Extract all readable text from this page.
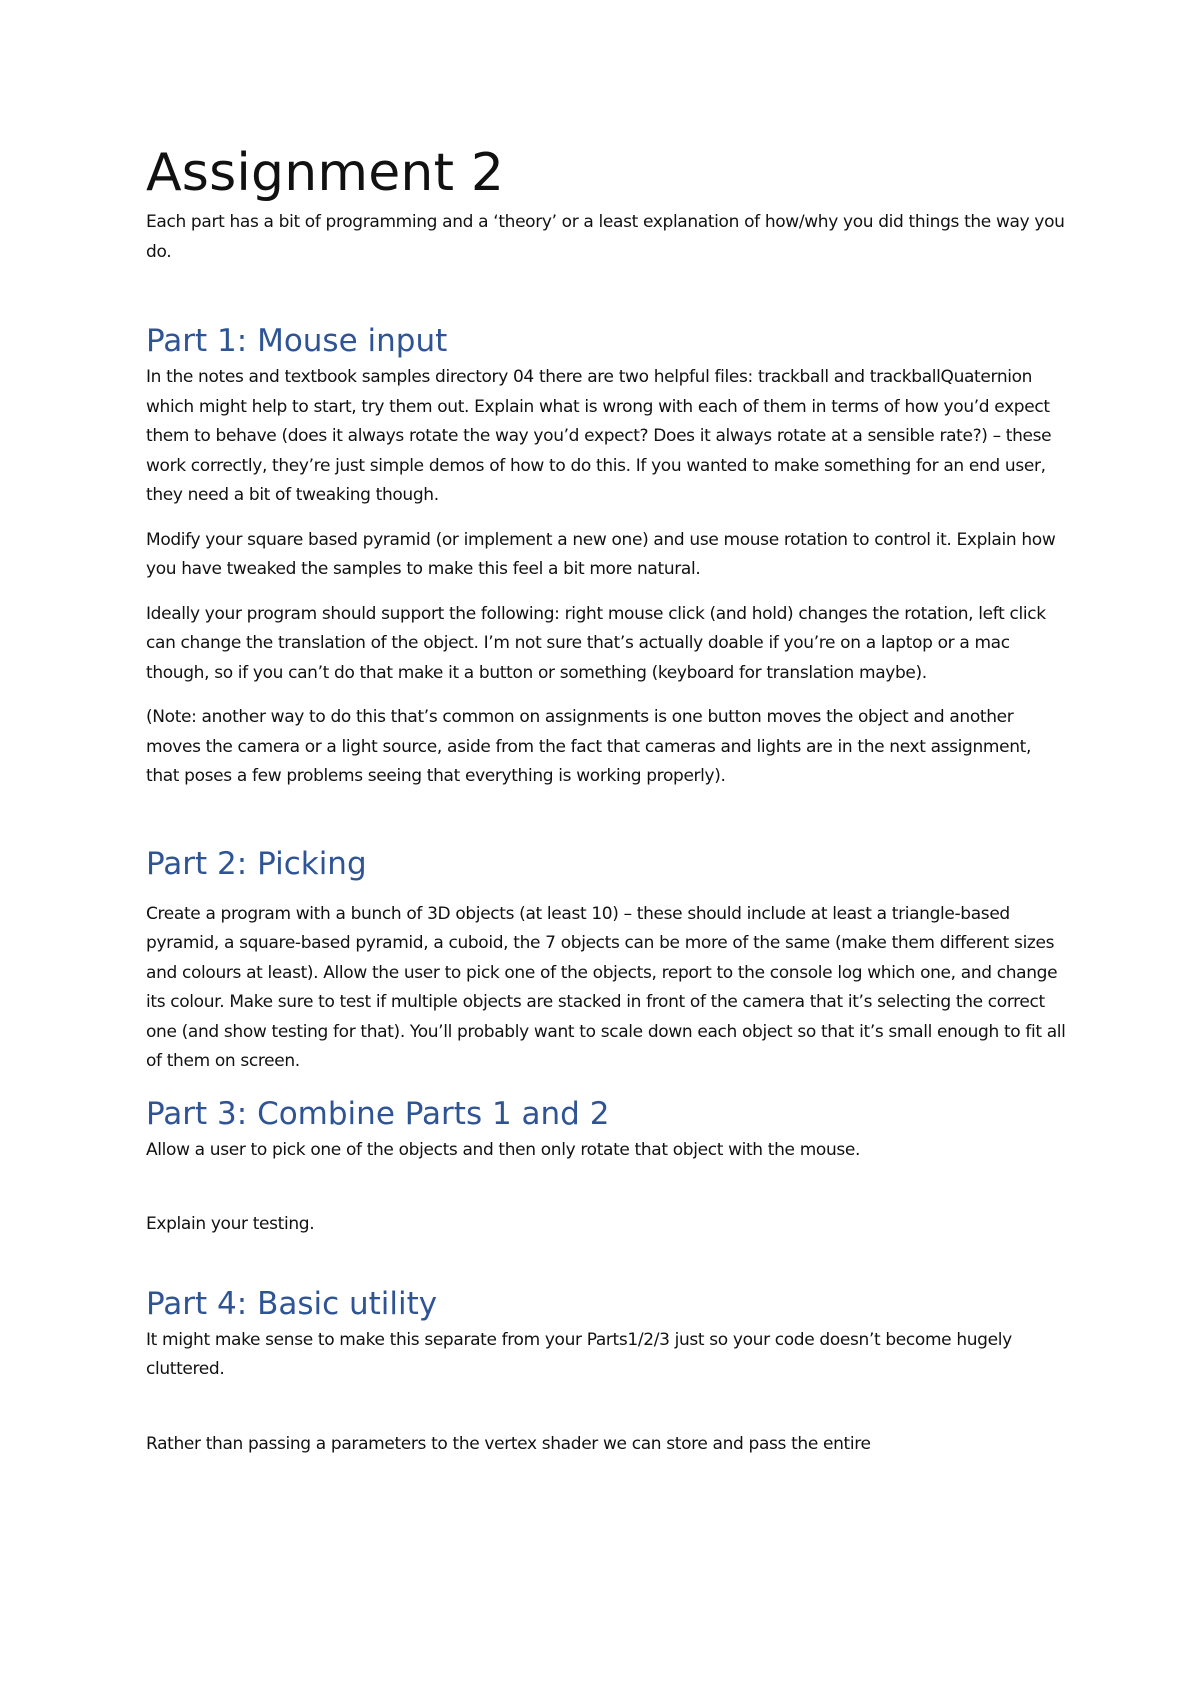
Assignment 2

Each part has a bit of programming and a ‘theory’ or a least explanation of how/why you did things the way you do.

Part 1: Mouse input

In the notes and textbook samples directory 04 there are two helpful files: trackball and trackballQuaternion which might help to start, try them out. Explain what is wrong with each of them in terms of how you’d expect them to behave (does it always rotate the way you’d expect? Does it always rotate at a sensible rate?) – these work correctly, they’re just simple demos of how to do this. If you wanted to make something for an end user, they need a bit of tweaking though.

Modify your square based pyramid (or implement a new one) and use mouse rotation to control it. Explain how you have tweaked the samples to make this feel a bit more natural.

Ideally your program should support the following: right mouse click (and hold) changes the rotation, left click can change the translation of the object. I’m not sure that’s actually doable if you’re on a laptop or a mac though, so if you can’t do that make it a button or something (keyboard for translation maybe).

(Note: another way to do this that’s common on assignments is one button moves the object and another moves the camera or a light source, aside from the fact that cameras and lights are in the next assignment, that poses a few problems seeing that everything is working properly).

Part 2: Picking

Create a program with a bunch of 3D objects (at least 10) – these should include at least a triangle-based pyramid, a square-based pyramid, a cuboid, the 7 objects can be more of the same (make them different sizes and colours at least). Allow the user to pick one of the objects, report to the console log which one, and change its colour. Make sure to test if multiple objects are stacked in front of the camera that it’s selecting the correct one (and show testing for that). You’ll probably want to scale down each object so that it’s small enough to fit all of them on screen.

Part 3: Combine Parts 1 and 2

Allow a user to pick one of the objects and then only rotate that object with the mouse.

Explain your testing.

Part 4: Basic utility

It might make sense to make this separate from your Parts1/2/3 just so your code doesn’t become hugely cluttered.

Rather than passing a parameters to the vertex shader we can store and pass the entire
